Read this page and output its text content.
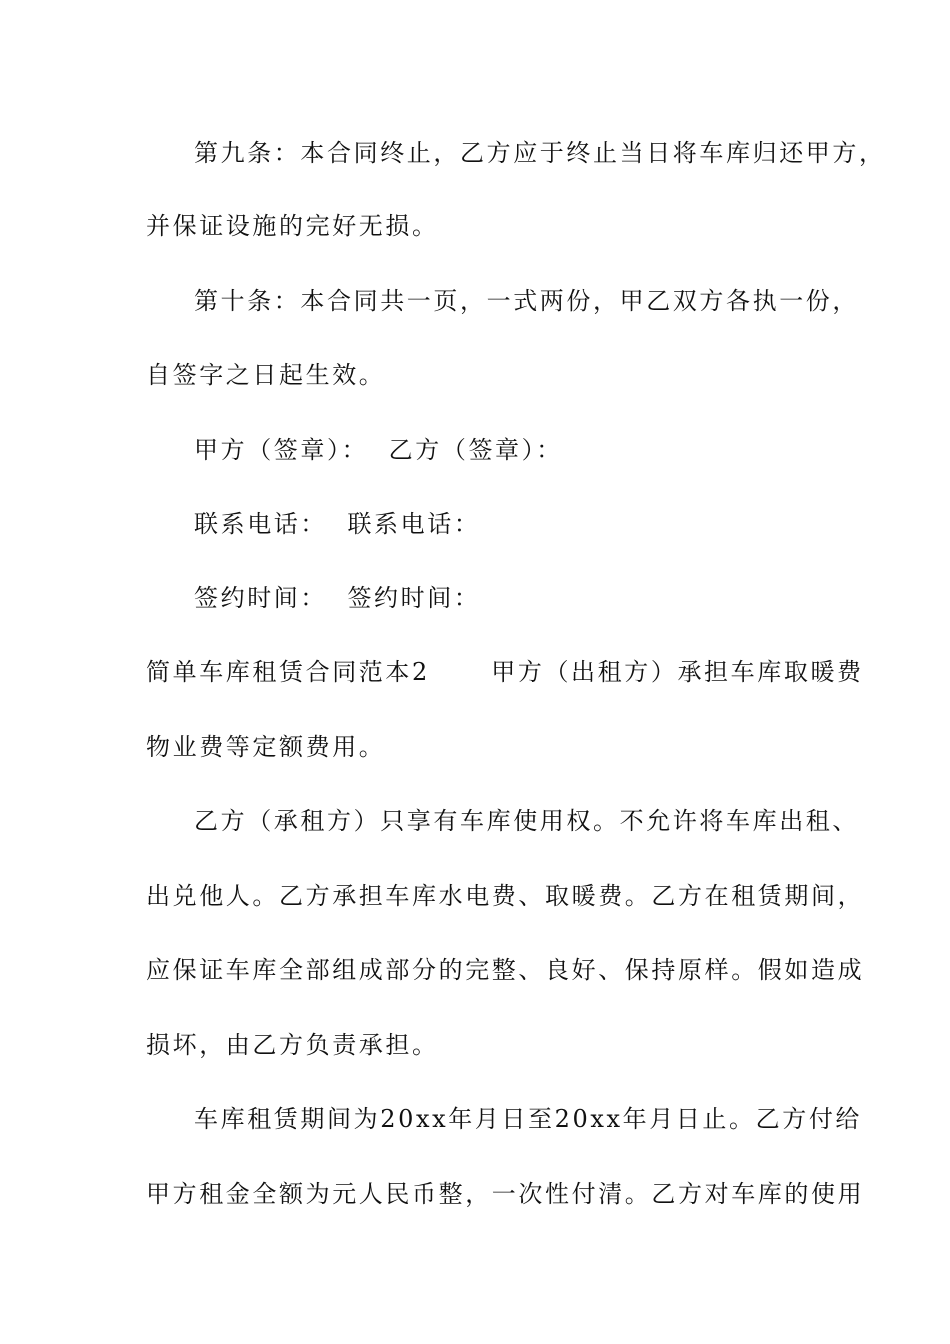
第九条：本合同终止，乙方应于终止当日将车库归还甲方，
并保证设施的完好无损。
第十条：本合同共一页，一式两份，甲乙双方各执一份，
自签字之日起生效。
甲方（签章）：  乙方（签章）：
联系电话：  联系电话：
签约时间：  签约时间：
简单车库租赁合同范本2      甲方（出租方）承担车库取暖费
物业费等定额费用。
乙方（承租方）只享有车库使用权。不允许将车库出租、
出兑他人。乙方承担车库水电费、取暖费。乙方在租赁期间，
应保证车库全部组成部分的完整、良好、保持原样。假如造成
损坏，由乙方负责承担。
车库租赁期间为20xx年月日至20xx年月日止。乙方付给
甲方租金全额为元人民币整，一次性付清。乙方对车库的使用
